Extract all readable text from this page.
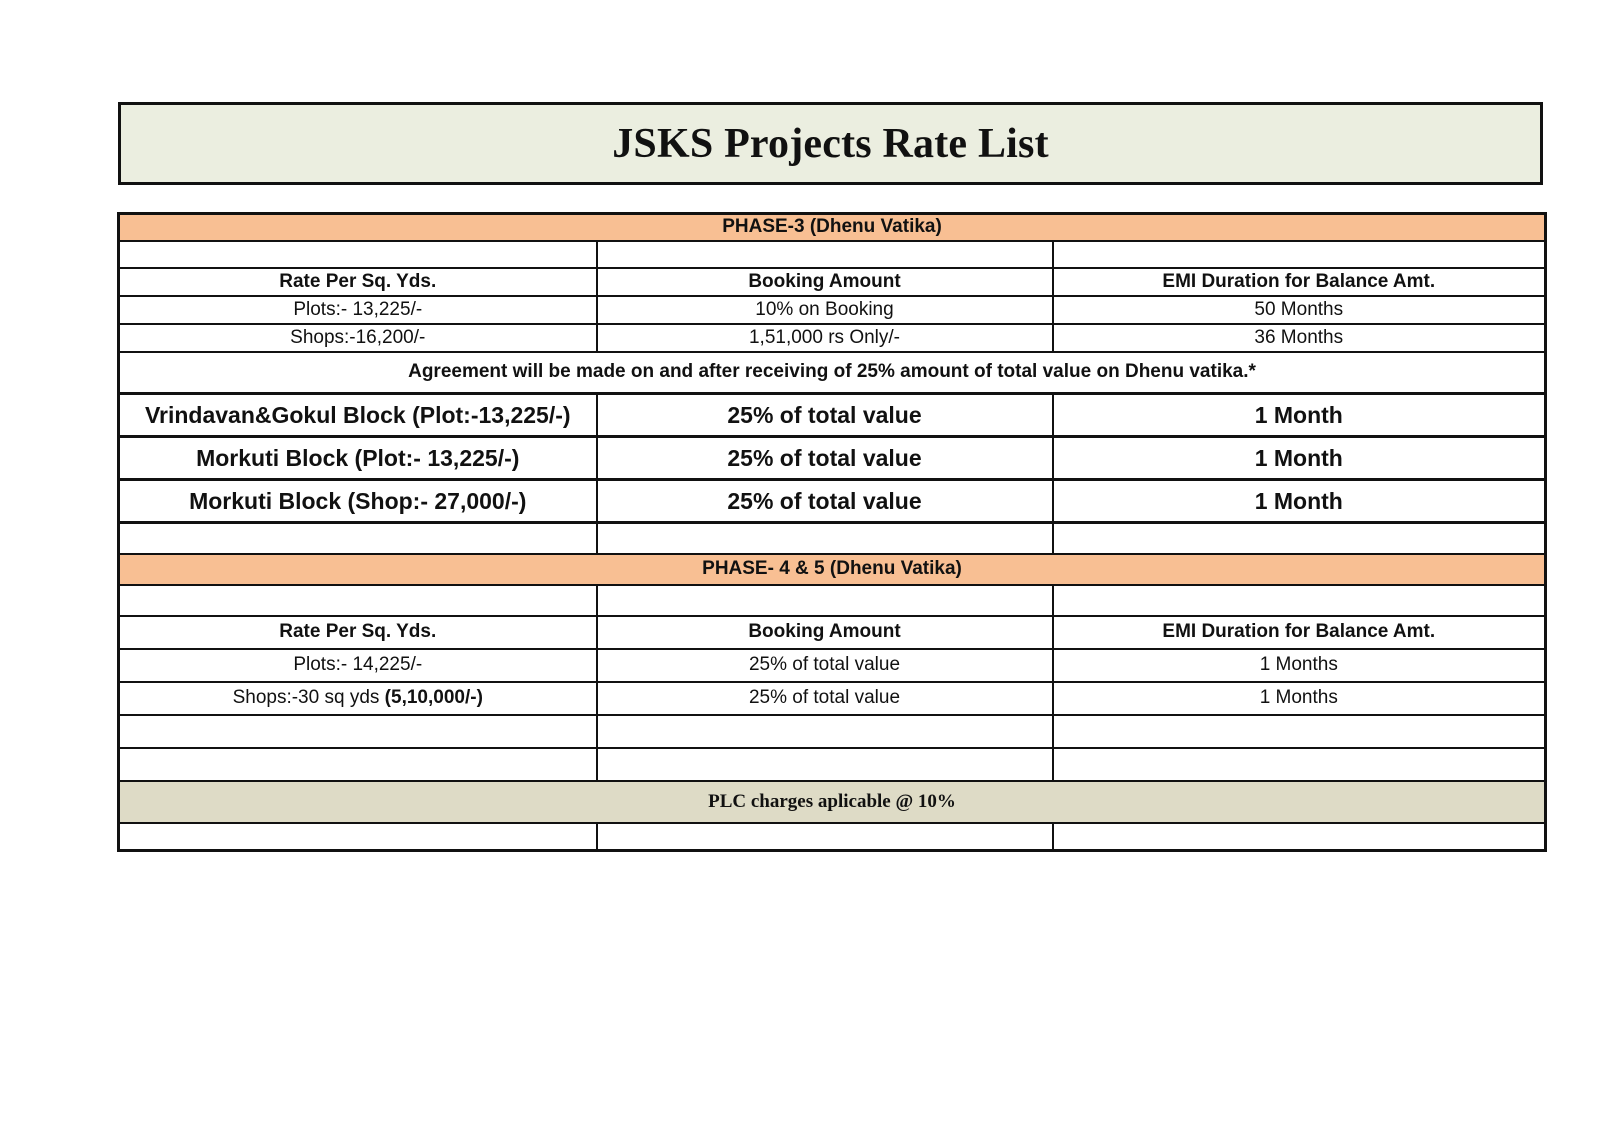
JSKS Projects Rate List
PHASE-3 (Dhenu Vatika)		

Rate Per Sq. Yds.	Booking Amount	EMI Duration for Balance Amt.
Plots:- 13,225/-	10% on Booking	50 Months
Shops:-16,200/-	1,51,000 rs Only/-	36 Months
Agreement will be made on and after receiving of 25% amount of total value on Dhenu vatika.*		
Vrindavan&Gokul Block (Plot:-13,225/-)	25% of total value	1 Month
Morkuti Block (Plot:- 13,225/-)	25% of total value	1 Month
Morkuti Block (Shop:- 27,000/-)	25% of total value	1 Month

PHASE- 4 & 5 (Dhenu Vatika)		

Rate Per Sq. Yds.	Booking Amount	EMI Duration for Balance Amt.
Plots:- 14,225/-	25% of total value	1 Months
Shops:-30 sq yds (5,10,000/-)	25% of total value	1 Months

PLC charges aplicable @ 10%		
